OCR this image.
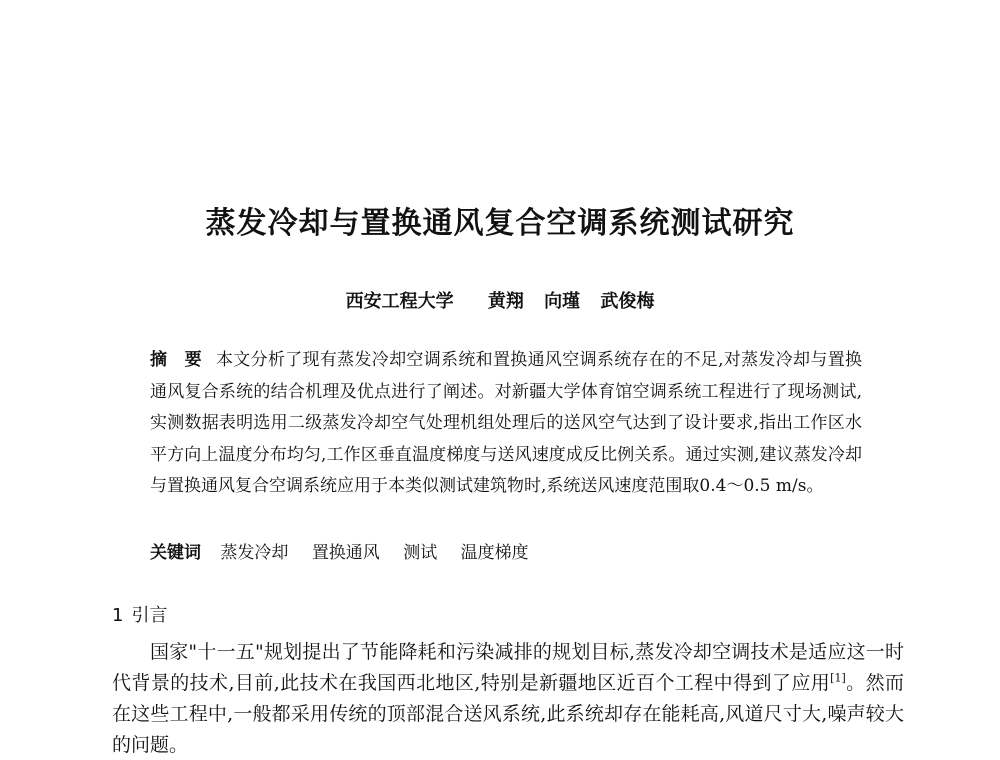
蒸发冷却与置换通风复合空调系统测试研究
西安工程大学 黄翔 向瑾 武俊梅
摘　要 本文分析了现有蒸发冷却空调系统和置换通风空调系统存在的不足,对蒸发冷却与置换通风复合系统的结合机理及优点进行了阐述。对新疆大学体育馆空调系统工程进行了现场测试,实测数据表明选用二级蒸发冷却空气处理机组处理后的送风空气达到了设计要求,指出工作区水平方向上温度分布均匀,工作区垂直温度梯度与送风速度成反比例关系。通过实测,建议蒸发冷却与置换通风复合空调系统应用于本类似测试建筑物时,系统送风速度范围取0.4～0.5 m/s。
关键词 蒸发冷却 置换通风 测试 温度梯度
1 引言
国家"十一五"规划提出了节能降耗和污染减排的规划目标,蒸发冷却空调技术是适应这一时代背景的技术,目前,此技术在我国西北地区,特别是新疆地区近百个工程中得到了应用[1]。然而在这些工程中,一般都采用传统的顶部混合送风系统,此系统却存在能耗高,风道尺寸大,噪声较大的问题。
